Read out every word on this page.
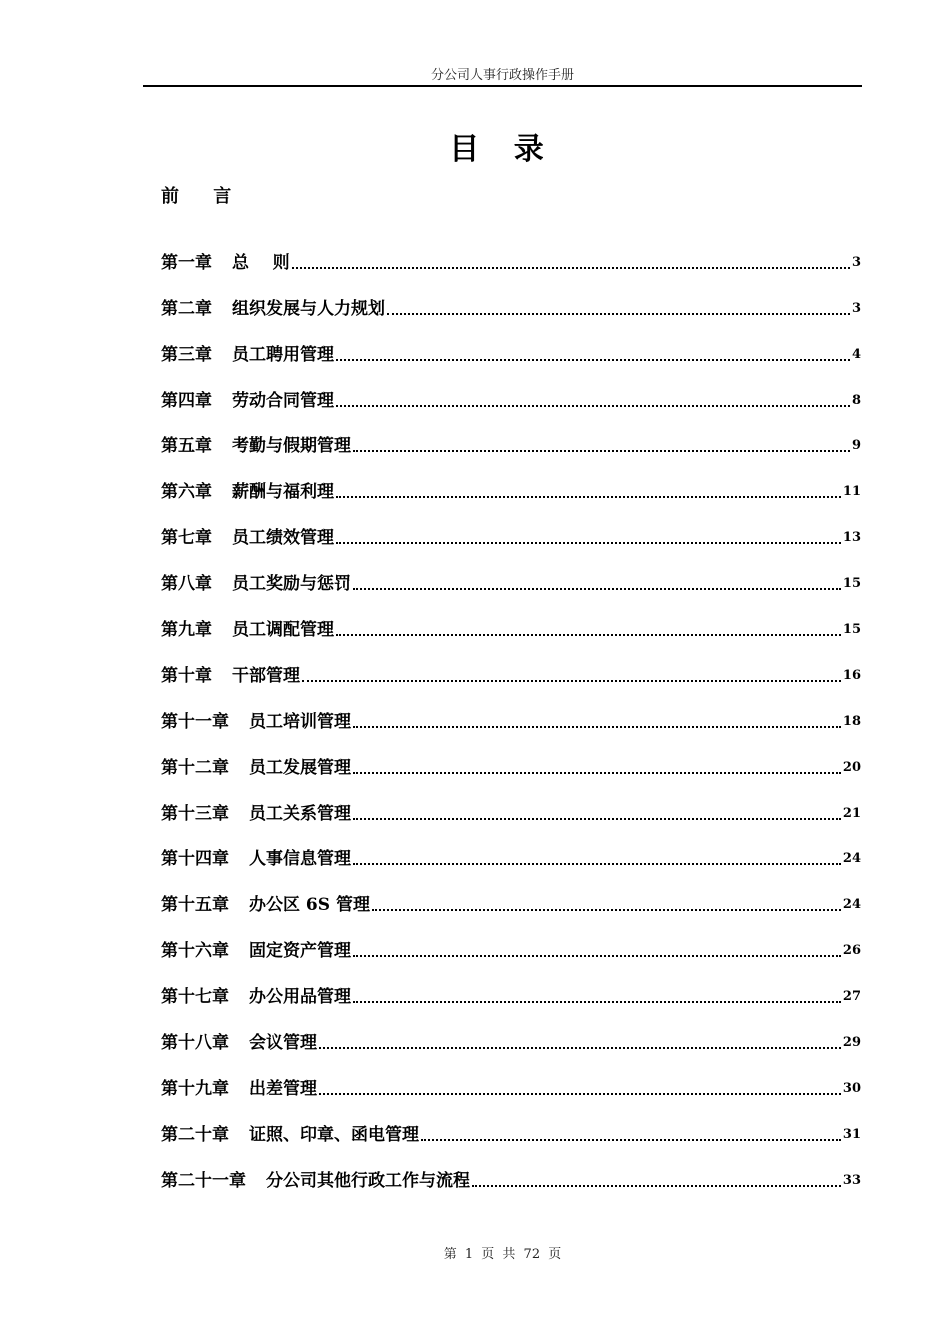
分公司人事行政操作手册
目 录
前 言
第一章 总    则	3
第二章 组织发展与人力规划	3
第三章 员工聘用管理	4
第四章 劳动合同管理	8
第五章 考勤与假期管理	9
第六章 薪酬与福利理	11
第七章 员工绩效管理	13
第八章 员工奖励与惩罚	15
第九章 员工调配管理	15
第十章 干部管理	16
第十一章 员工培训管理	18
第十二章 员工发展管理	20
第十三章 员工关系管理	21
第十四章 人事信息管理	24
第十五章 办公区 6S 管理	24
第十六章 固定资产管理	26
第十七章 办公用品管理	27
第十八章 会议管理	29
第十九章 出差管理	30
第二十章 证照、印章、函电管理	31
第二十一章 分公司其他行政工作与流程	33
第 1 页 共 72 页
